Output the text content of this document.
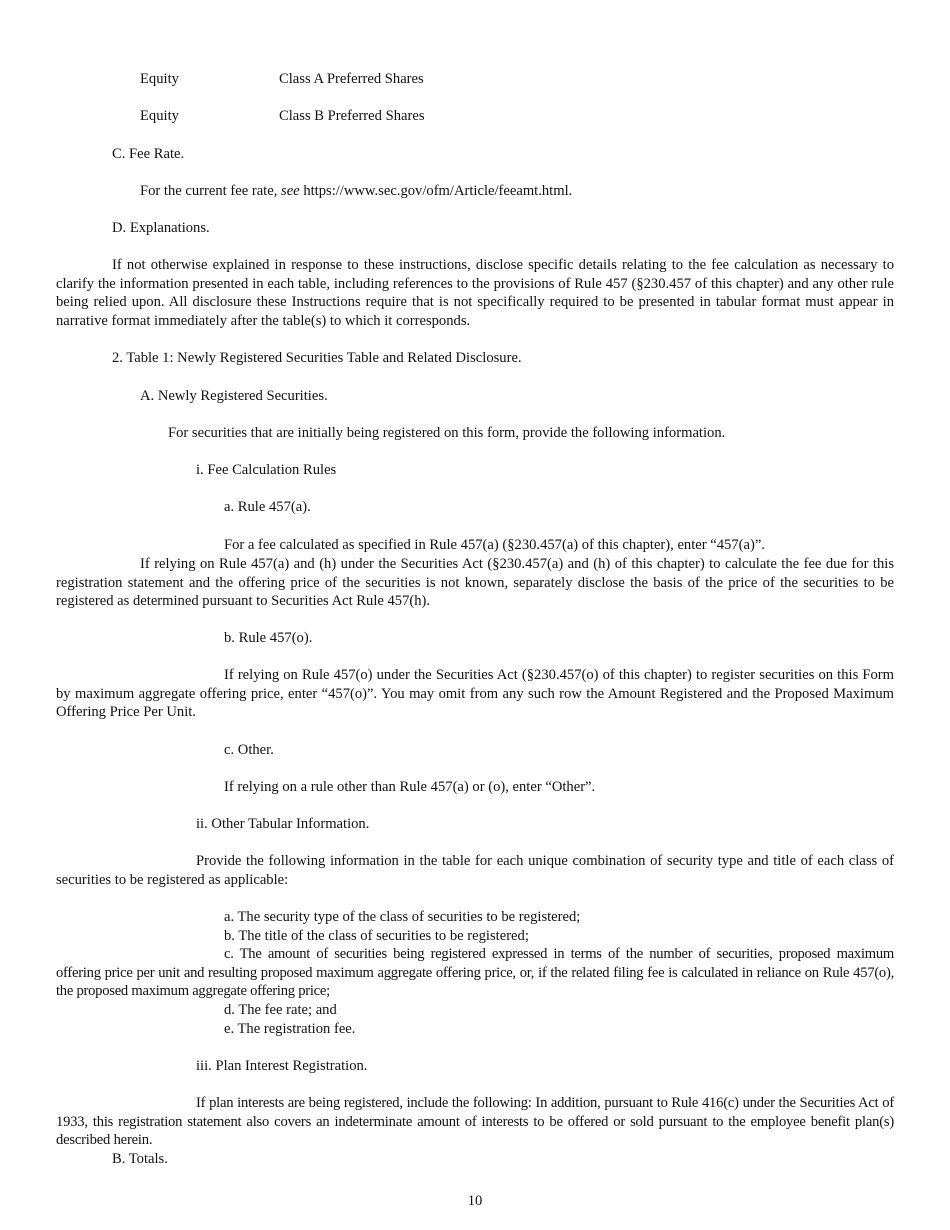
Equity	Class A Preferred Shares

Equity	Class B Preferred Shares

C. Fee Rate.

For the current fee rate, see https://www.sec.gov/ofm/Article/feeamt.html.

D. Explanations.

If not otherwise explained in response to these instructions, disclose specific details relating to the fee calculation as necessary to clarify the information presented in each table, including references to the provisions of Rule 457 (§230.457 of this chapter) and any other rule being relied upon. All disclosure these Instructions require that is not specifically required to be presented in tabular format must appear in narrative format immediately after the table(s) to which it corresponds.

2. Table 1: Newly Registered Securities Table and Related Disclosure.

A. Newly Registered Securities.

For securities that are initially being registered on this form, provide the following information.

i. Fee Calculation Rules

a. Rule 457(a).

For a fee calculated as specified in Rule 457(a) (§230.457(a) of this chapter), enter “457(a)”.

If relying on Rule 457(a) and (h) under the Securities Act (§230.457(a) and (h) of this chapter) to calculate the fee due for this registration statement and the offering price of the securities is not known, separately disclose the basis of the price of the securities to be registered as determined pursuant to Securities Act Rule 457(h).

b. Rule 457(o).

If relying on Rule 457(o) under the Securities Act (§230.457(o) of this chapter) to register securities on this Form by maximum aggregate offering price, enter “457(o)”. You may omit from any such row the Amount Registered and the Proposed Maximum Offering Price Per Unit.

c. Other.

If relying on a rule other than Rule 457(a) or (o), enter “Other”.

ii. Other Tabular Information.

Provide the following information in the table for each unique combination of security type and title of each class of securities to be registered as applicable:

a. The security type of the class of securities to be registered;

b. The title of the class of securities to be registered;

c. The amount of securities being registered expressed in terms of the number of securities, proposed maximum offering price per unit and resulting proposed maximum aggregate offering price, or, if the related filing fee is calculated in reliance on Rule 457(o), the proposed maximum aggregate offering price;

d. The fee rate; and

e. The registration fee.

iii. Plan Interest Registration.

If plan interests are being registered, include the following: In addition, pursuant to Rule 416(c) under the Securities Act of 1933, this registration statement also covers an indeterminate amount of interests to be offered or sold pursuant to the employee benefit plan(s) described herein.

B. Totals.

10
